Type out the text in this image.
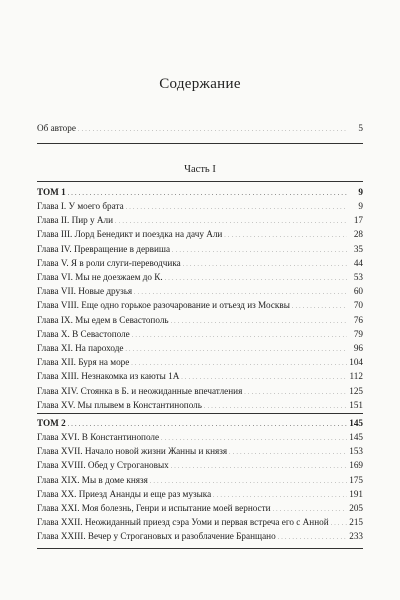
Содержание
Об авторе . . .	5
Часть I
ТОМ 1 . . .	9
Глава I. У моего брата . . .	9
Глава II. Пир у Али . . .	17
Глава III. Лорд Бенедикт и поездка на дачу Али . . .	28
Глава IV. Превращение в дервиша . . .	35
Глава V. Я в роли слуги-переводчика . . .	44
Глава VI. Мы не доезжаем до К. . . .	53
Глава VII. Новые друзья . . .	60
Глава VIII. Еще одно горькое разочарование и отъезд из Москвы . . .	70
Глава IX. Мы едем в Севастополь . . .	76
Глава X. В Севастополе . . .	79
Глава XI. На пароходе . . .	96
Глава XII. Буря на море . . .	104
Глава XIII. Незнакомка из каюты 1А . . .	112
Глава XIV. Стоянка в Б. и неожиданные впечатления . . .	125
Глава XV. Мы плывем в Константинополь . . .	151
ТОМ 2 . . .	145
Глава XVI. В Константинополе . . .	145
Глава XVII. Начало новой жизни Жанны и князя . . .	153
Глава XVIII. Обед у Строгановых . . .	169
Глава XIX. Мы в доме князя . . .	175
Глава XX. Приезд Ананды и еще раз музыка . . .	191
Глава XXI. Моя болезнь, Генри и испытание моей верности . . .	205
Глава XXII. Неожиданный приезд сэра Уоми и первая встреча его с Анной . . . 215
Глава XXIII. Вечер у Строгановых и разоблачение Бранщано . . .	233
